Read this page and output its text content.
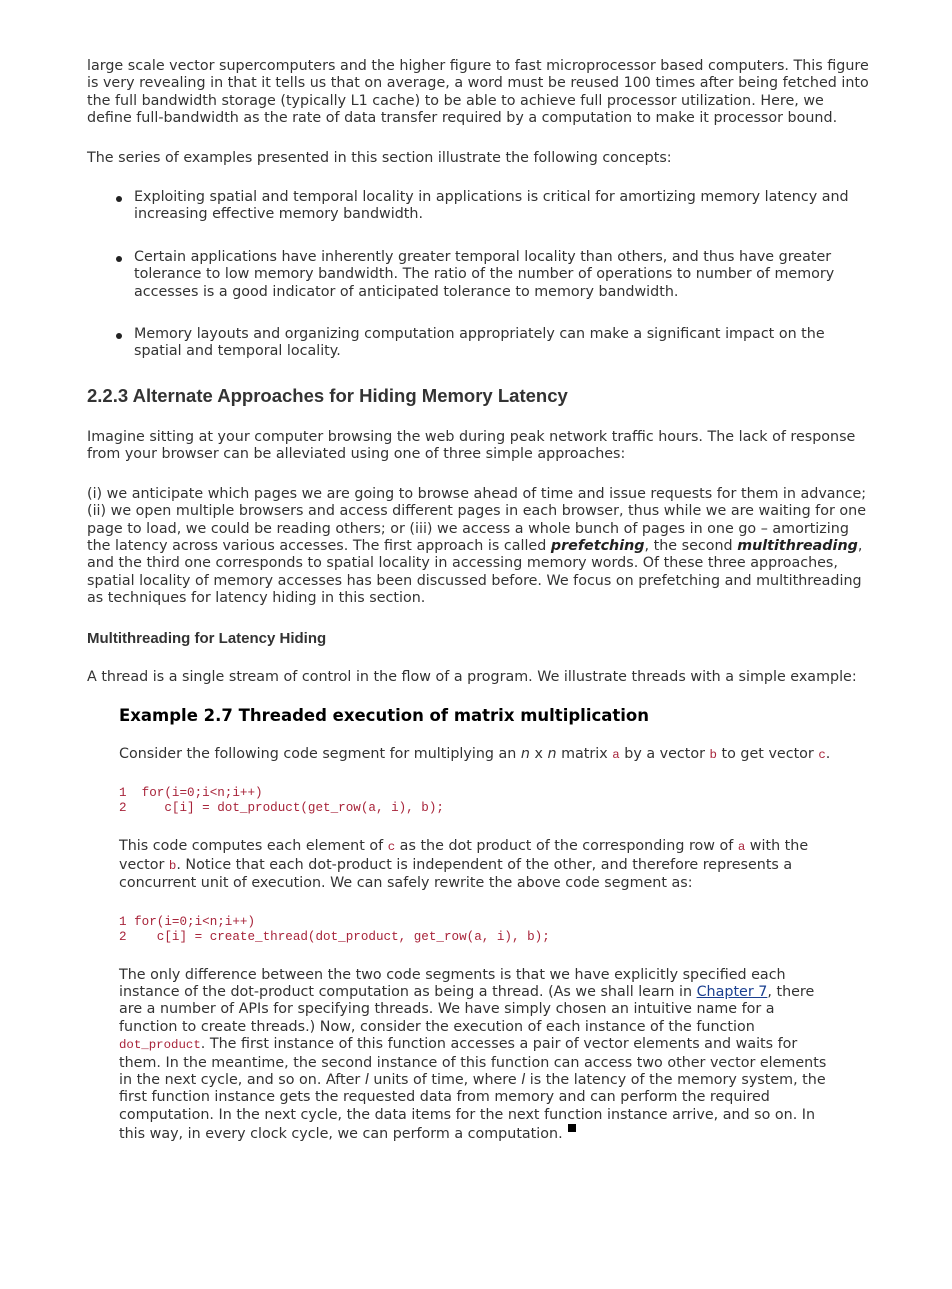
large scale vector supercomputers and the higher figure to fast microprocessor based computers. This figure is very revealing in that it tells us that on average, a word must be reused 100 times after being fetched into the full bandwidth storage (typically L1 cache) to be able to achieve full processor utilization. Here, we define full-bandwidth as the rate of data transfer required by a computation to make it processor bound.

The series of examples presented in this section illustrate the following concepts:

Exploiting spatial and temporal locality in applications is critical for amortizing memory latency and increasing effective memory bandwidth.
Certain applications have inherently greater temporal locality than others, and thus have greater tolerance to low memory bandwidth. The ratio of the number of operations to number of memory accesses is a good indicator of anticipated tolerance to memory bandwidth.
Memory layouts and organizing computation appropriately can make a significant impact on the spatial and temporal locality.
2.2.3 Alternate Approaches for Hiding Memory Latency

Imagine sitting at your computer browsing the web during peak network traffic hours. The lack of response from your browser can be alleviated using one of three simple approaches:

(i) we anticipate which pages we are going to browse ahead of time and issue requests for them in advance; (ii) we open multiple browsers and access different pages in each browser, thus while we are waiting for one page to load, we could be reading others; or (iii) we access a whole bunch of pages in one go – amortizing the latency across various accesses. The first approach is called prefetching, the second multithreading, and the third one corresponds to spatial locality in accessing memory words. Of these three approaches, spatial locality of memory accesses has been discussed before. We focus on prefetching and multithreading as techniques for latency hiding in this section.

Multithreading for Latency Hiding

A thread is a single stream of control in the flow of a program. We illustrate threads with a simple example:

Example 2.7 Threaded execution of matrix multiplication

Consider the following code segment for multiplying an n x n matrix a by a vector b to get vector c.

1  for(i=0;i<n;i++)
2     c[i] = dot_product(get_row(a, i), b);

This code computes each element of c as the dot product of the corresponding row of a with the vector b. Notice that each dot-product is independent of the other, and therefore represents a concurrent unit of execution. We can safely rewrite the above code segment as:

1 for(i=0;i<n;i++)
2    c[i] = create_thread(dot_product, get_row(a, i), b);

The only difference between the two code segments is that we have explicitly specified each instance of the dot-product computation as being a thread. (As we shall learn in Chapter 7, there are a number of APIs for specifying threads. We have simply chosen an intuitive name for a function to create threads.) Now, consider the execution of each instance of the function dot_product. The first instance of this function accesses a pair of vector elements and waits for them. In the meantime, the second instance of this function can access two other vector elements in the next cycle, and so on. After l units of time, where l is the latency of the memory system, the first function instance gets the requested data from memory and can perform the required computation. In the next cycle, the data items for the next function instance arrive, and so on. In this way, in every clock cycle, we can perform a computation.
